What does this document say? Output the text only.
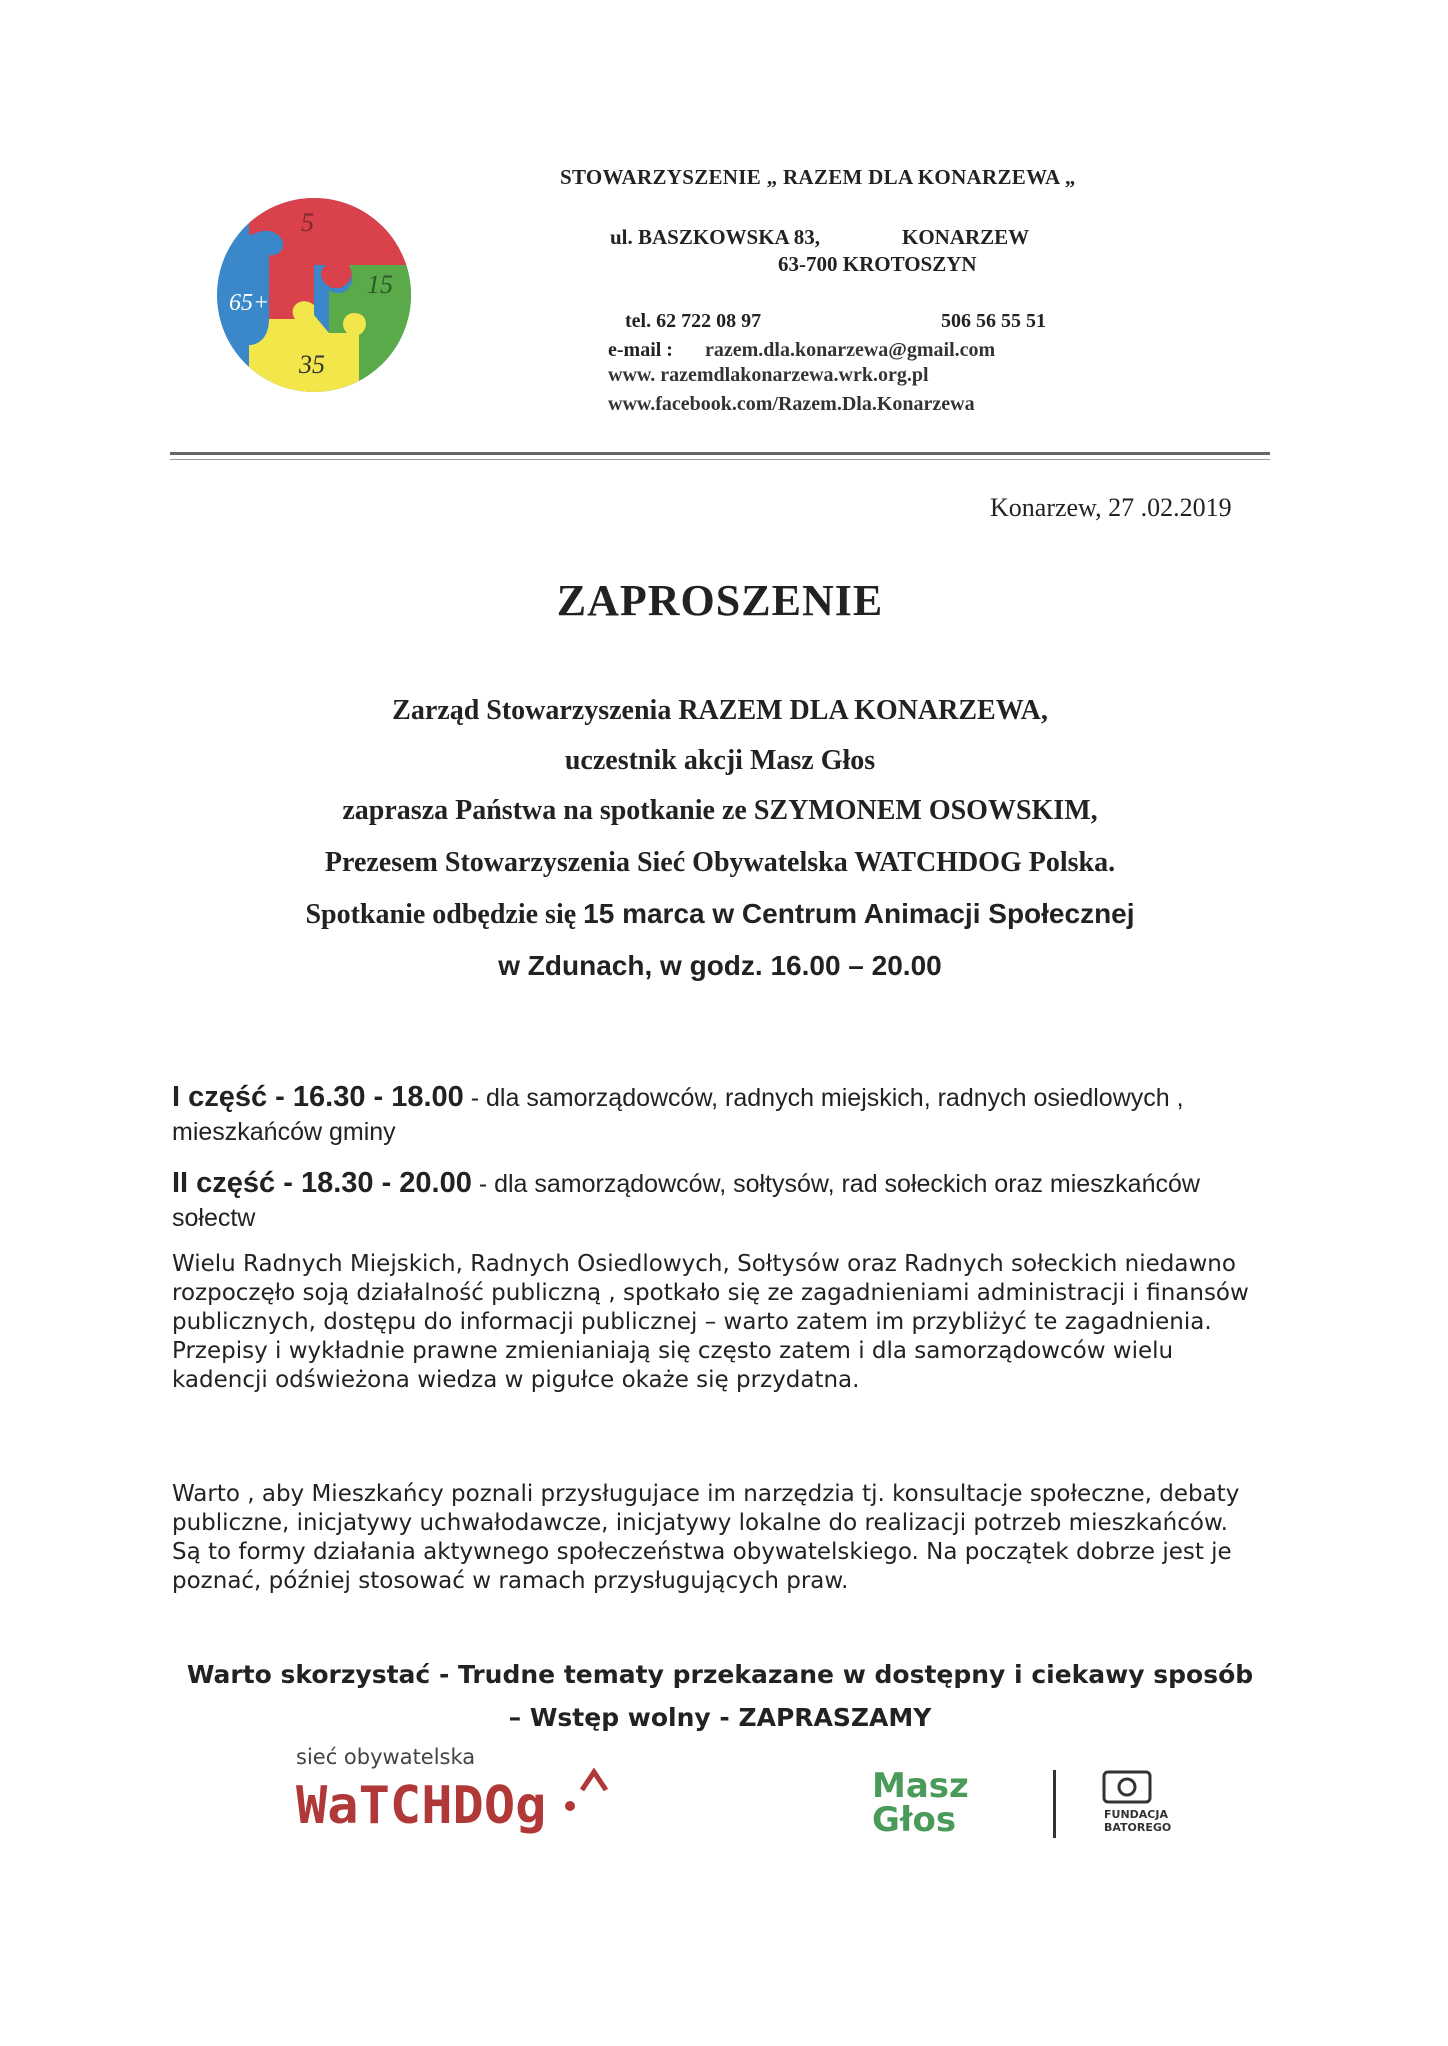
5
15
35
65+
STOWARZYSZENIE „ RAZEM DLA KONARZEWA „
ul. BASZKOWSKA 83,	KONARZEW
63-700 KROTOSZYN
tel. 62 722 08 97	506 56 55 51
e-mail : razem.dla.konarzewa@gmail.com
www. razemdlakonarzewa.wrk.org.pl
www.facebook.com/Razem.Dla.Konarzewa
Konarzew, 27 .02.2019
ZAPROSZENIE
Zarząd Stowarzyszenia RAZEM DLA KONARZEWA,
uczestnik akcji Masz Głos
zaprasza Państwa na spotkanie ze SZYMONEM OSOWSKIM,
Prezesem Stowarzyszenia Sieć Obywatelska WATCHDOG Polska.
Spotkanie odbędzie się 15 marca w Centrum Animacji Społecznej
w Zdunach, w godz. 16.00 – 20.00
I część - 16.30 - 18.00 - dla samorządowców, radnych miejskich, radnych osiedlowych , mieszkańców gminy
II część - 18.30 - 20.00 - dla samorządowców, sołtysów, rad sołeckich oraz mieszkańców sołectw
Wielu Radnych Miejskich, Radnych Osiedlowych, Sołtysów oraz Radnych sołeckich niedawno rozpoczęło soją działalność publiczną , spotkało się ze zagadnieniami administracji i finansów publicznych, dostępu do informacji publicznej – warto zatem im przybliżyć te zagadnienia. Przepisy i wykładnie prawne zmienianiają się często zatem i dla samorządowców wielu kadencji odświeżona wiedza w pigułce okaże się przydatna.
Warto , aby Mieszkańcy poznali przysługujace im narzędzia tj. konsultacje społeczne, debaty publiczne, inicjatywy uchwałodawcze, inicjatywy lokalne do realizacji potrzeb mieszkańców. Są to formy działania aktywnego społeczeństwa obywatelskiego. Na początek dobrze jest je poznać, później stosować w ramach przysługujących praw.
Warto skorzystać - Trudne tematy przekazane w dostępny i ciekawy sposób
– Wstęp wolny - ZAPRASZAMY
sieć obywatelska
WaTCHDOg	Masz
Głos	FUNDACJA
BATOREGO
